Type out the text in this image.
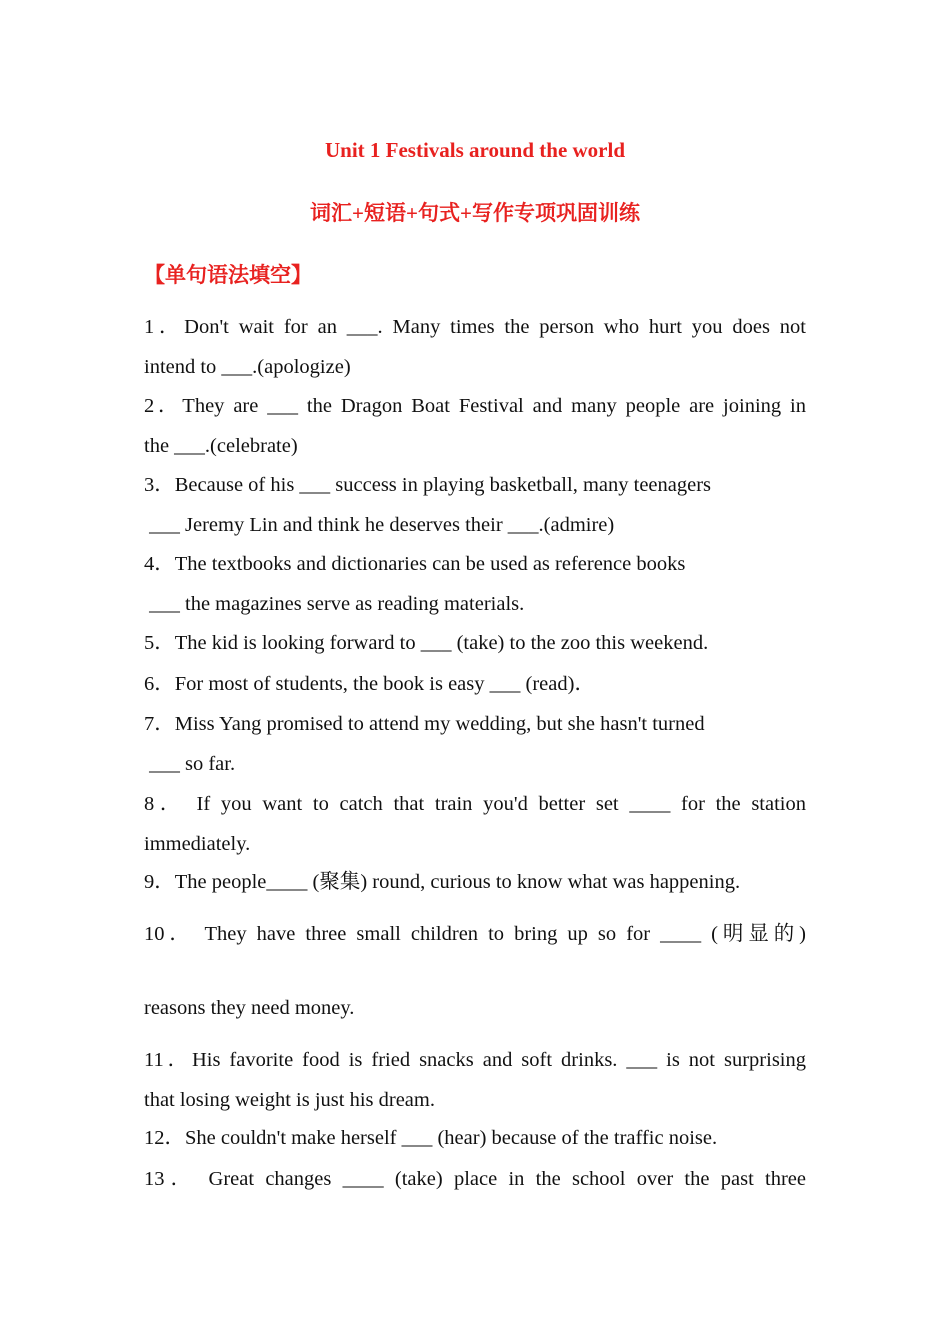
Unit 1 Festivals around the world
词汇+短语+句式+写作专项巩固训练
【单句语法填空】
1．Don't wait for an ___. Many times the person who hurt you does not
intend to ___.(apologize)
2．They are ___ the Dragon Boat Festival and many people are joining in
the ___.(celebrate)
3．Because of his ___ success in playing basketball, many teenagers
___ Jeremy Lin and think he deserves their ___.(admire)
4．The textbooks and dictionaries can be used as reference books
___ the magazines serve as reading materials.
5．The kid is looking forward to ___ (take) to the zoo this weekend.
6．For most of students, the book is easy ___ (read)．
7．Miss Yang promised to attend my wedding, but she hasn't turned
___ so far.
8． If you want to catch that train you'd better set ____ for the station
immediately.
9．The people____ (聚集) round, curious to know what was happening.
10． They have three small children to bring up so for ____ (明显的)
reasons they need money.
11．His favorite food is fried snacks and soft drinks. ___ is not surprising
that losing weight is just his dream.
12．She couldn't make herself ___ (hear) because of the traffic noise.
13． Great changes ____ (take) place in the school over the past three
